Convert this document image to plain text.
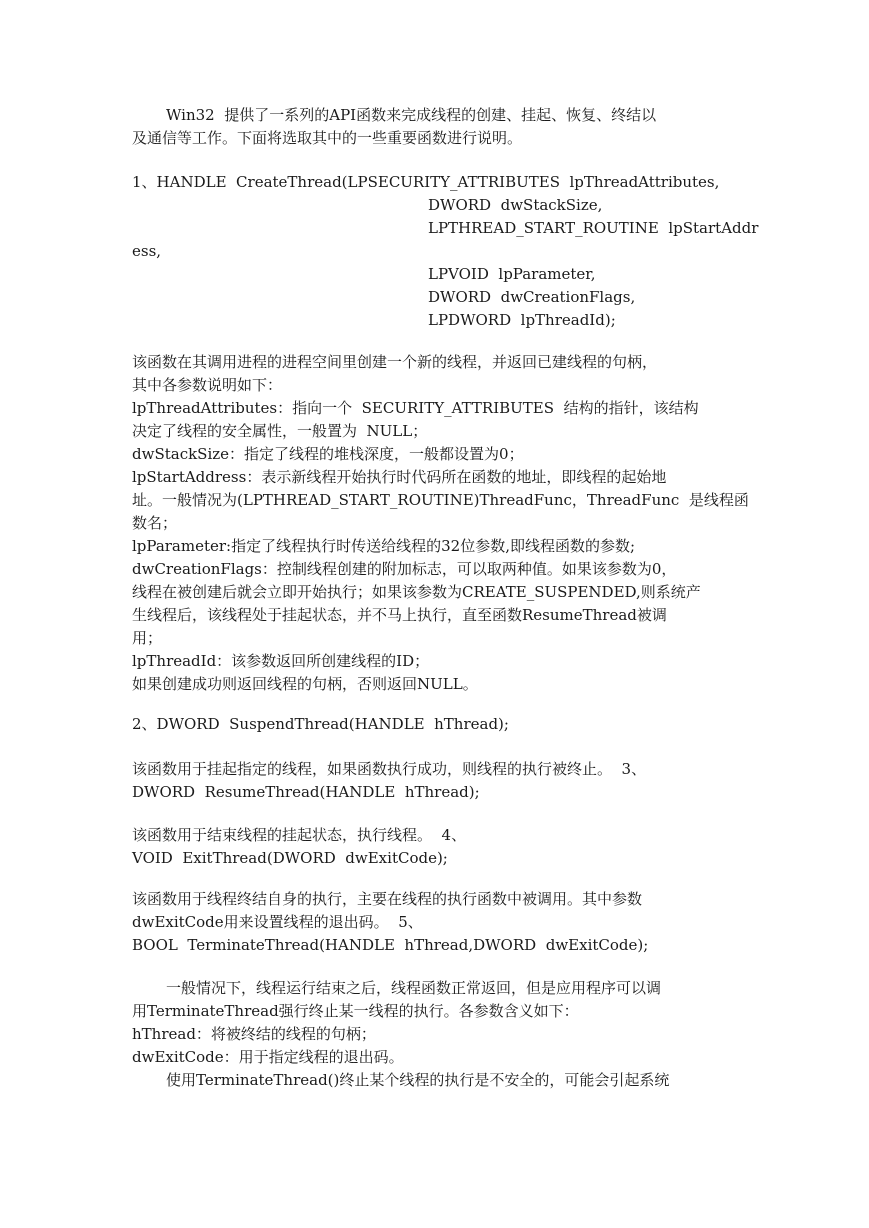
Win32  提供了一系列的API函数来完成线程的创建、挂起、恢复、终结以
及通信等工作。下面将选取其中的一些重要函数进行说明。
1、HANDLE  CreateThread(LPSECURITY_ATTRIBUTES  lpThreadAttributes,
DWORD  dwStackSize,
LPTHREAD_START_ROUTINE  lpStartAddr
ess,
LPVOID  lpParameter,
DWORD  dwCreationFlags,
LPDWORD  lpThreadId);
该函数在其调用进程的进程空间里创建一个新的线程，并返回已建线程的句柄，
其中各参数说明如下：
lpThreadAttributes：指向一个  SECURITY_ATTRIBUTES  结构的指针，该结构
决定了线程的安全属性，一般置为  NULL；
dwStackSize：指定了线程的堆栈深度，一般都设置为0；
lpStartAddress：表示新线程开始执行时代码所在函数的地址，即线程的起始地
址。一般情况为(LPTHREAD_START_ROUTINE)ThreadFunc，ThreadFunc  是线程函
数名；
lpParameter:指定了线程执行时传送给线程的32位参数,即线程函数的参数;
dwCreationFlags：控制线程创建的附加标志，可以取两种值。如果该参数为0，
线程在被创建后就会立即开始执行；如果该参数为CREATE_SUSPENDED,则系统产
生线程后，该线程处于挂起状态，并不马上执行，直至函数ResumeThread被调
用；
lpThreadId：该参数返回所创建线程的ID；
如果创建成功则返回线程的句柄，否则返回NULL。
2、DWORD  SuspendThread(HANDLE  hThread);
该函数用于挂起指定的线程，如果函数执行成功，则线程的执行被终止。  3、
DWORD  ResumeThread(HANDLE  hThread);
该函数用于结束线程的挂起状态，执行线程。  4、
VOID  ExitThread(DWORD  dwExitCode);
该函数用于线程终结自身的执行，主要在线程的执行函数中被调用。其中参数
dwExitCode用来设置线程的退出码。  5、
BOOL  TerminateThread(HANDLE  hThread,DWORD  dwExitCode);
一般情况下，线程运行结束之后，线程函数正常返回，但是应用程序可以调
用TerminateThread强行终止某一线程的执行。各参数含义如下：
hThread：将被终结的线程的句柄；
dwExitCode：用于指定线程的退出码。
使用TerminateThread()终止某个线程的执行是不安全的，可能会引起系统
